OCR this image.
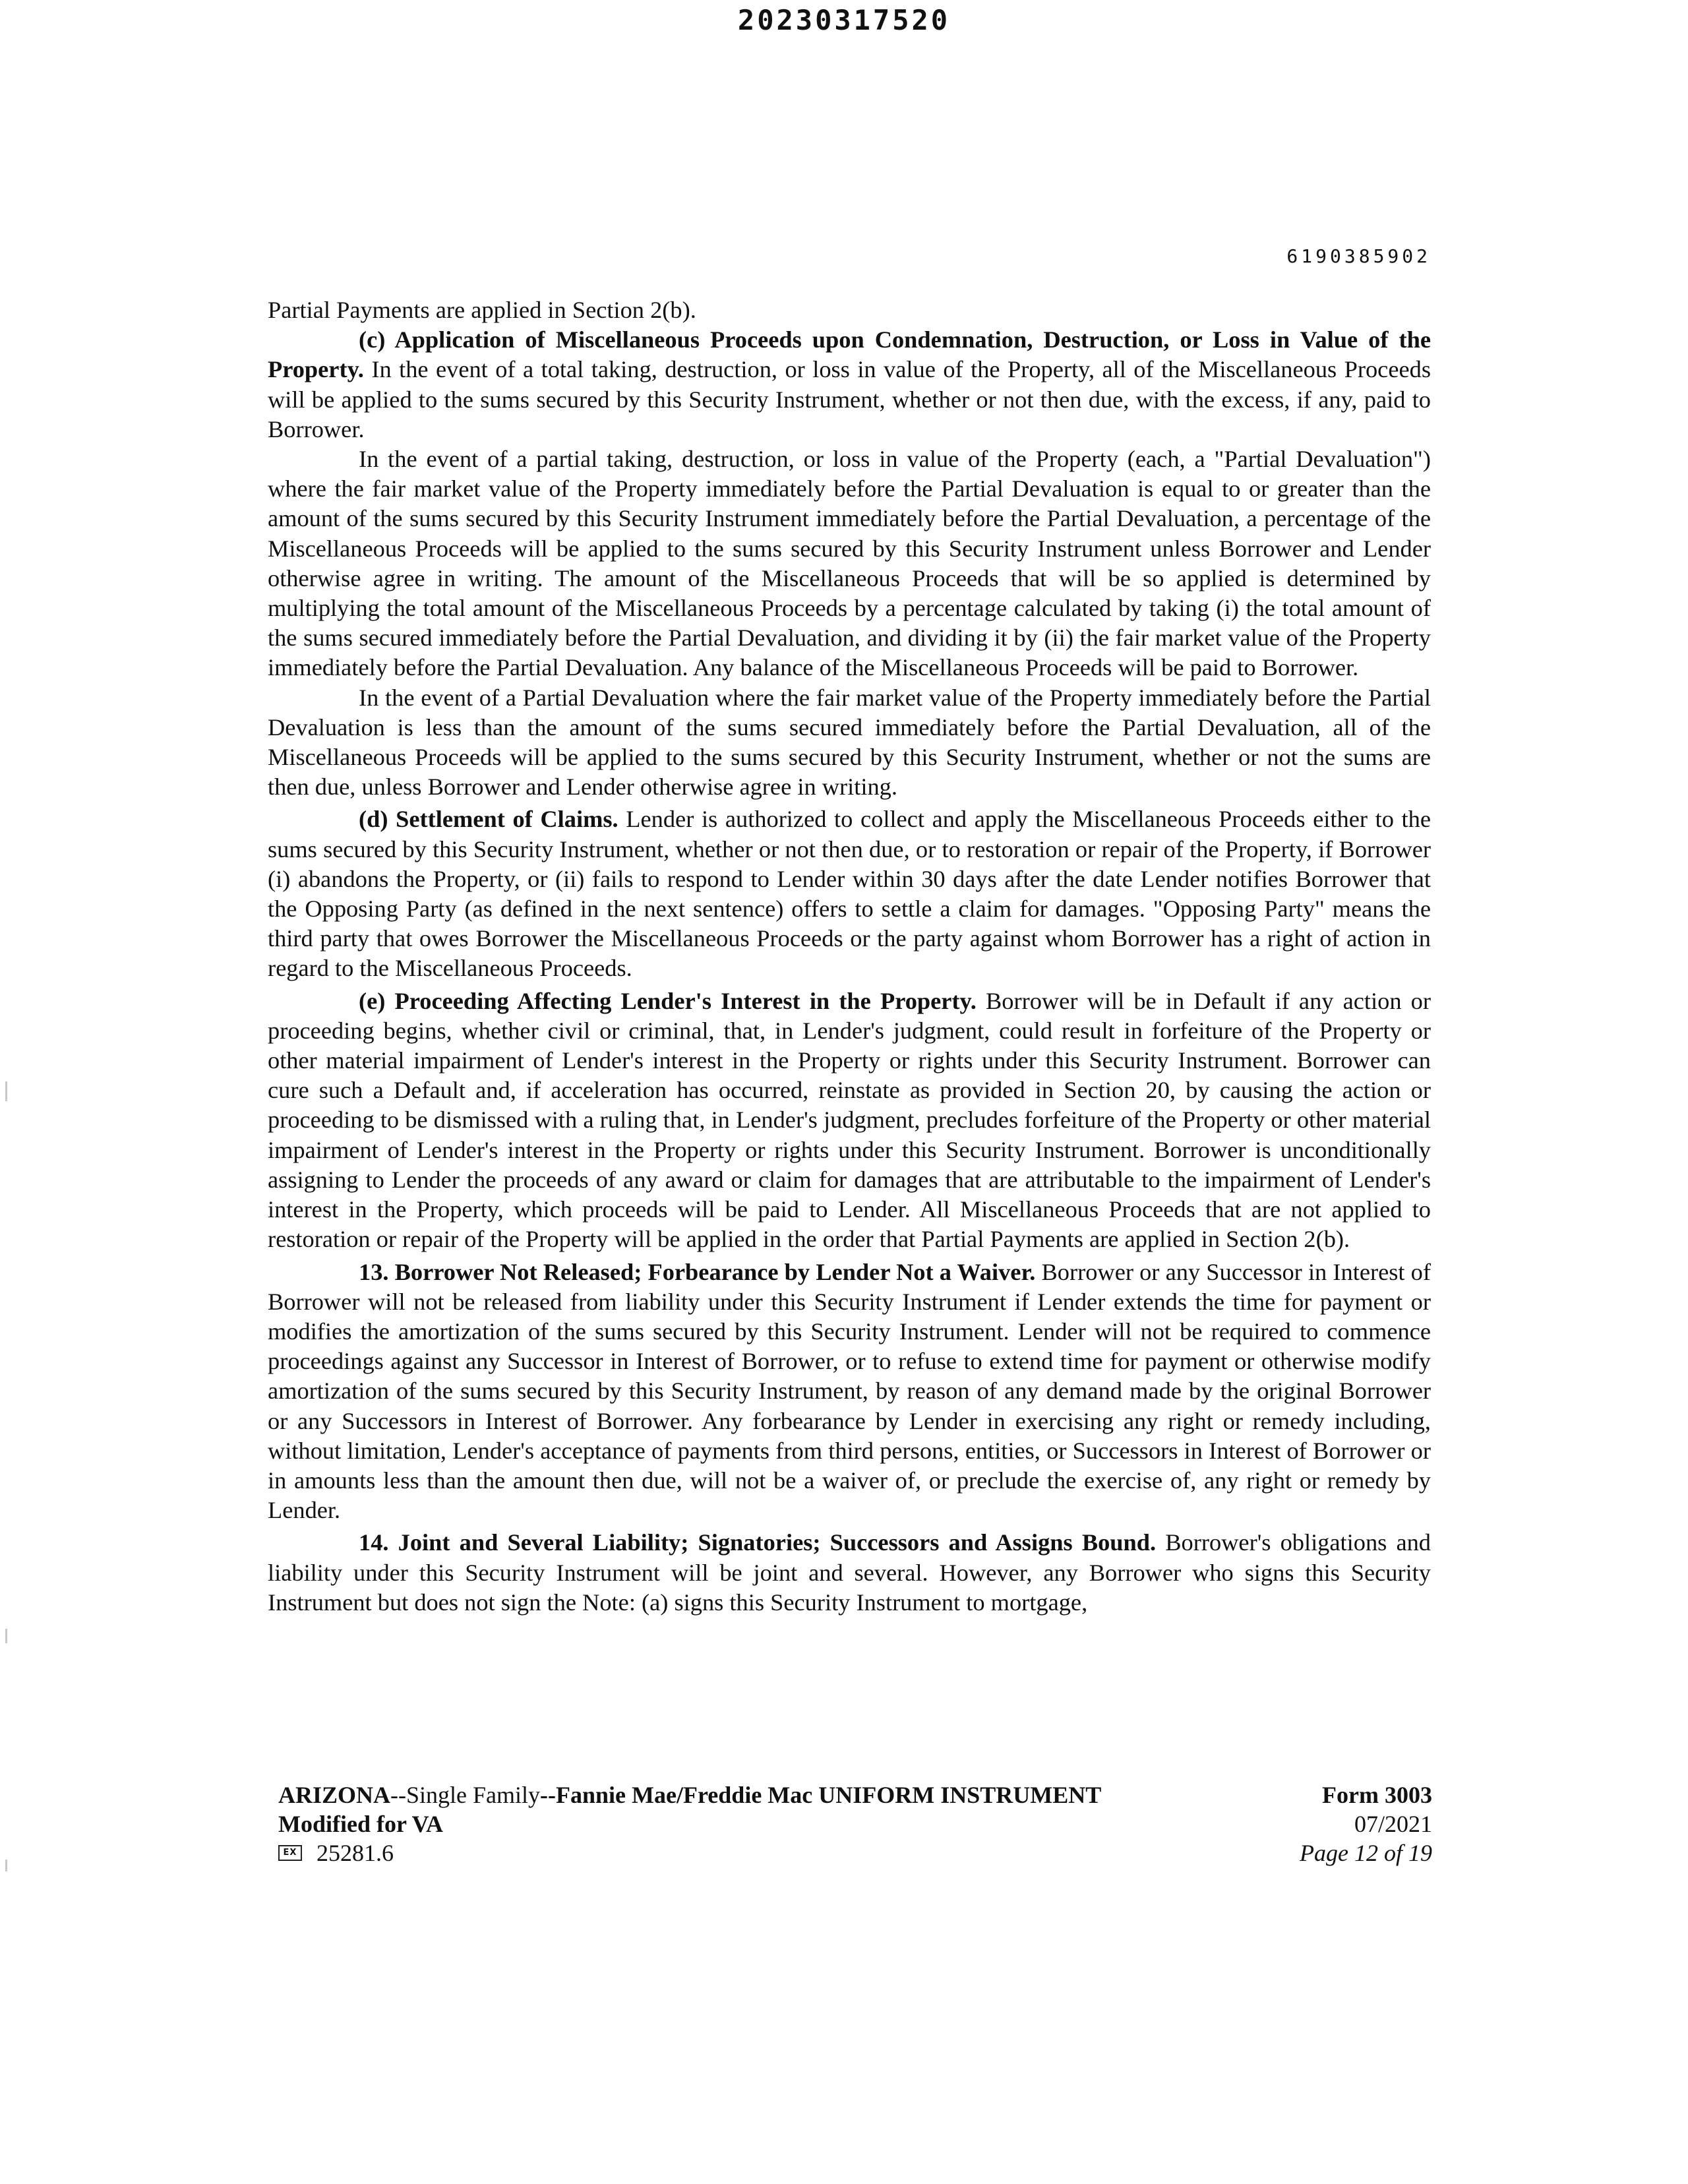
20230317520
6190385902

Partial Payments are applied in Section 2(b).

(c) Application of Miscellaneous Proceeds upon Condemnation, Destruction, or Loss in Value of the Property. In the event of a total taking, destruction, or loss in value of the Property, all of the Miscellaneous Proceeds will be applied to the sums secured by this Security Instrument, whether or not then due, with the excess, if any, paid to Borrower.

In the event of a partial taking, destruction, or loss in value of the Property (each, a "Partial Devaluation") where the fair market value of the Property immediately before the Partial Devaluation is equal to or greater than the amount of the sums secured by this Security Instrument immediately before the Partial Devaluation, a percentage of the Miscellaneous Proceeds will be applied to the sums secured by this Security Instrument unless Borrower and Lender otherwise agree in writing. The amount of the Miscellaneous Proceeds that will be so applied is determined by multiplying the total amount of the Miscellaneous Proceeds by a percentage calculated by taking (i) the total amount of the sums secured immediately before the Partial Devaluation, and dividing it by (ii) the fair market value of the Property immediately before the Partial Devaluation. Any balance of the Miscellaneous Proceeds will be paid to Borrower.

In the event of a Partial Devaluation where the fair market value of the Property immediately before the Partial Devaluation is less than the amount of the sums secured immediately before the Partial Devaluation, all of the Miscellaneous Proceeds will be applied to the sums secured by this Security Instrument, whether or not the sums are then due, unless Borrower and Lender otherwise agree in writing.

(d) Settlement of Claims. Lender is authorized to collect and apply the Miscellaneous Proceeds either to the sums secured by this Security Instrument, whether or not then due, or to restoration or repair of the Property, if Borrower (i) abandons the Property, or (ii) fails to respond to Lender within 30 days after the date Lender notifies Borrower that the Opposing Party (as defined in the next sentence) offers to settle a claim for damages. "Opposing Party" means the third party that owes Borrower the Miscellaneous Proceeds or the party against whom Borrower has a right of action in regard to the Miscellaneous Proceeds.

(e) Proceeding Affecting Lender's Interest in the Property. Borrower will be in Default if any action or proceeding begins, whether civil or criminal, that, in Lender's judgment, could result in forfeiture of the Property or other material impairment of Lender's interest in the Property or rights under this Security Instrument. Borrower can cure such a Default and, if acceleration has occurred, reinstate as provided in Section 20, by causing the action or proceeding to be dismissed with a ruling that, in Lender's judgment, precludes forfeiture of the Property or other material impairment of Lender's interest in the Property or rights under this Security Instrument. Borrower is unconditionally assigning to Lender the proceeds of any award or claim for damages that are attributable to the impairment of Lender's interest in the Property, which proceeds will be paid to Lender. All Miscellaneous Proceeds that are not applied to restoration or repair of the Property will be applied in the order that Partial Payments are applied in Section 2(b).

13. Borrower Not Released; Forbearance by Lender Not a Waiver. Borrower or any Successor in Interest of Borrower will not be released from liability under this Security Instrument if Lender extends the time for payment or modifies the amortization of the sums secured by this Security Instrument. Lender will not be required to commence proceedings against any Successor in Interest of Borrower, or to refuse to extend time for payment or otherwise modify amortization of the sums secured by this Security Instrument, by reason of any demand made by the original Borrower or any Successors in Interest of Borrower. Any forbearance by Lender in exercising any right or remedy including, without limitation, Lender's acceptance of payments from third persons, entities, or Successors in Interest of Borrower or in amounts less than the amount then due, will not be a waiver of, or preclude the exercise of, any right or remedy by Lender.

14. Joint and Several Liability; Signatories; Successors and Assigns Bound. Borrower's obligations and liability under this Security Instrument will be joint and several. However, any Borrower who signs this Security Instrument but does not sign the Note: (a) signs this Security Instrument to mortgage,

ARIZONA--Single Family--Fannie Mae/Freddie Mac UNIFORM INSTRUMENT
Modified for VA
EX 25281.6
Form 3003
07/2021
Page 12 of 19
